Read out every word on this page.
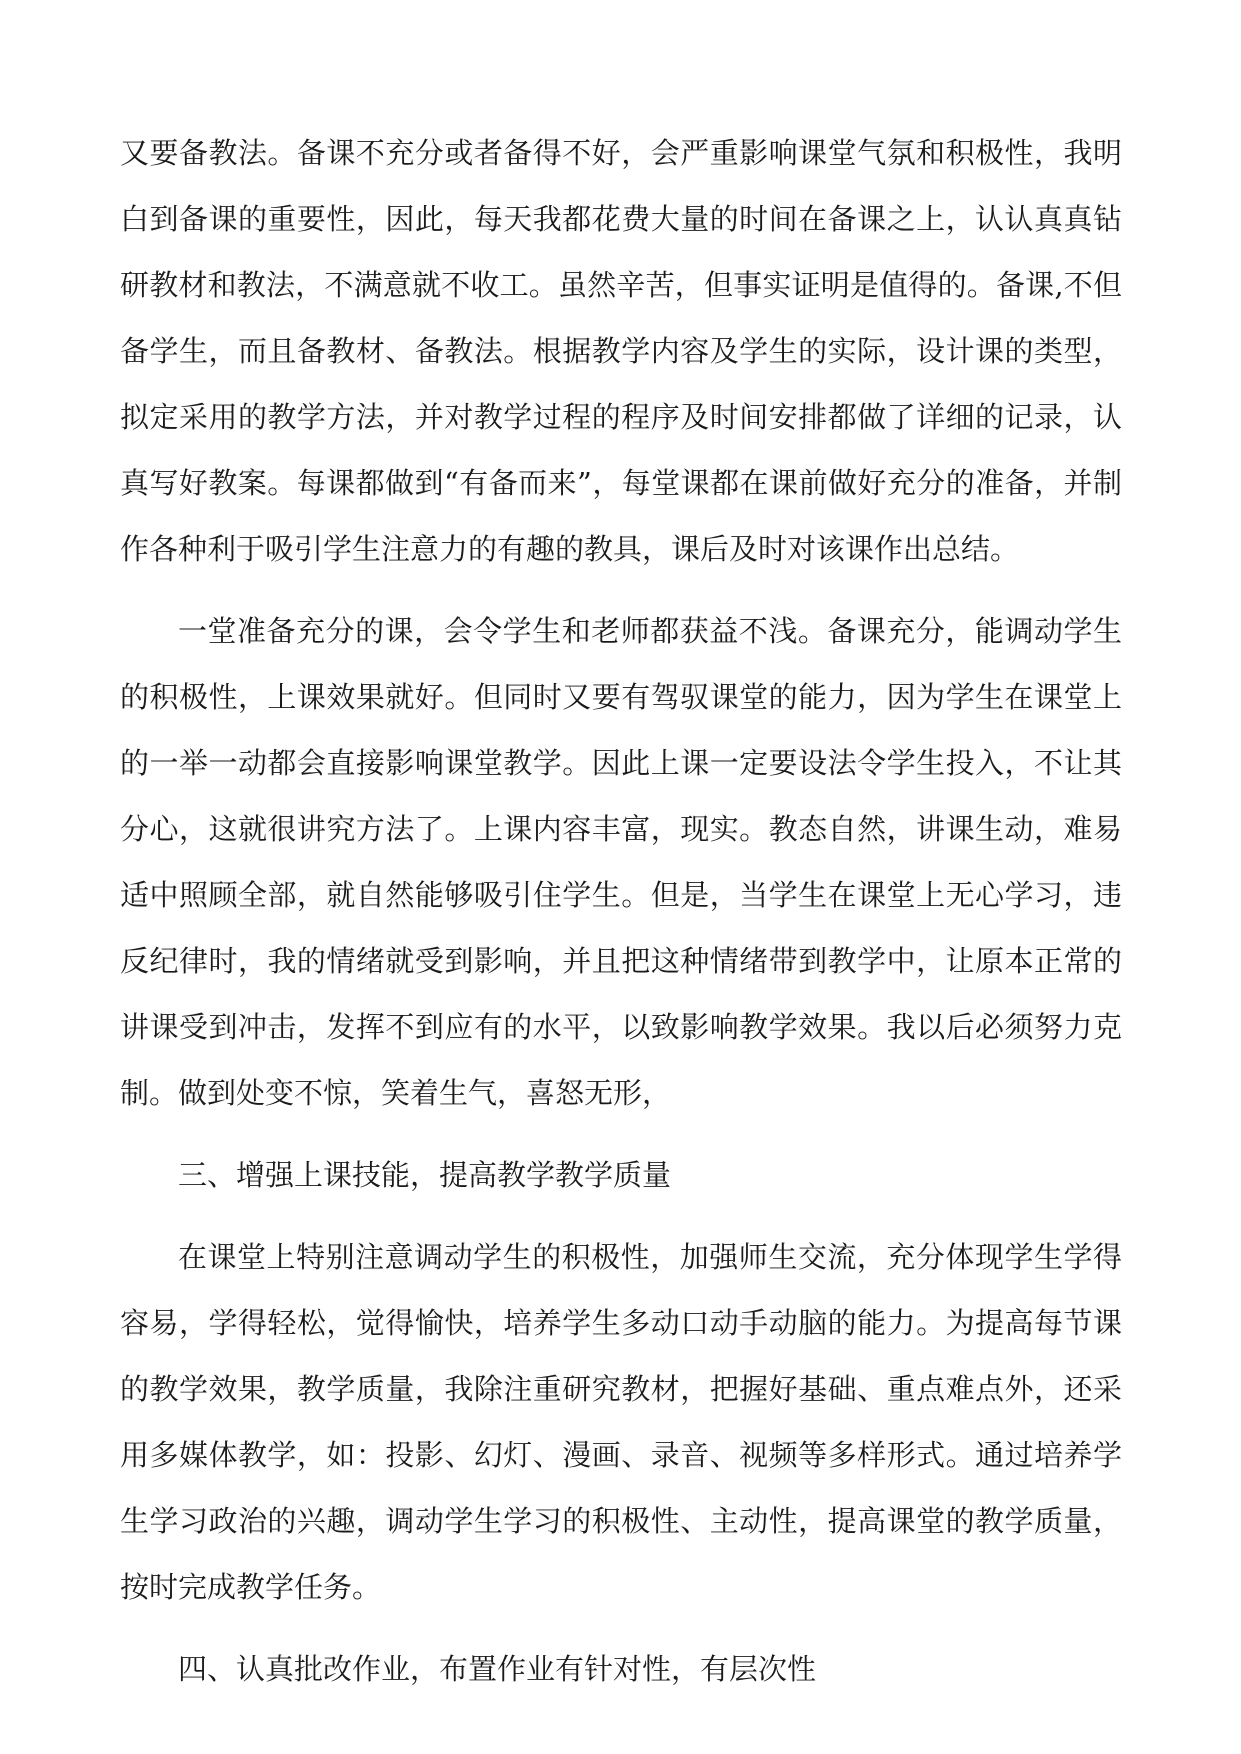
又要备教法。备课不充分或者备得不好，会严重影响课堂气氛和积极性，我明白到备课的重要性，因此，每天我都花费大量的时间在备课之上，认认真真钻研教材和教法，不满意就不收工。虽然辛苦，但事实证明是值得的。备课,不但备学生，而且备教材、备教法。根据教学内容及学生的实际，设计课的类型，拟定采用的教学方法，并对教学过程的程序及时间安排都做了详细的记录，认真写好教案。每课都做到“有备而来”，每堂课都在课前做好充分的准备，并制作各种利于吸引学生注意力的有趣的教具，课后及时对该课作出总结。

一堂准备充分的课，会令学生和老师都获益不浅。备课充分，能调动学生的积极性，上课效果就好。但同时又要有驾驭课堂的能力，因为学生在课堂上的一举一动都会直接影响课堂教学。因此上课一定要设法令学生投入，不让其分心，这就很讲究方法了。上课内容丰富，现实。教态自然，讲课生动，难易适中照顾全部，就自然能够吸引住学生。但是，当学生在课堂上无心学习，违反纪律时，我的情绪就受到影响，并且把这种情绪带到教学中，让原本正常的讲课受到冲击，发挥不到应有的水平，以致影响教学效果。我以后必须努力克制。做到处变不惊，笑着生气，喜怒无形，

三、增强上课技能，提高教学教学质量

在课堂上特别注意调动学生的积极性，加强师生交流，充分体现学生学得容易，学得轻松，觉得愉快，培养学生多动口动手动脑的能力。为提高每节课的教学效果，教学质量，我除注重研究教材，把握好基础、重点难点外，还采用多媒体教学，如：投影、幻灯、漫画、录音、视频等多样形式。通过培养学生学习政治的兴趣，调动学生学习的积极性、主动性，提高课堂的教学质量，按时完成教学任务。

四、认真批改作业，布置作业有针对性，有层次性
